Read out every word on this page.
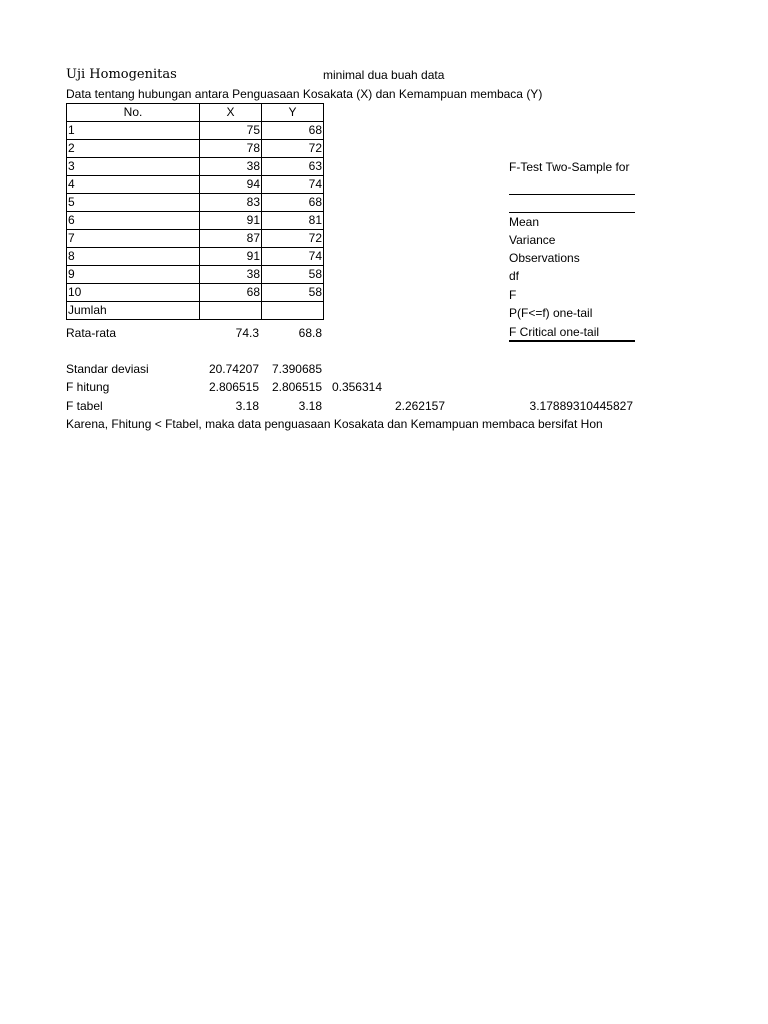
Uji Homogenitas	minimal dua buah data
Data tentang hubungan antara Penguasaan Kosakata (X) dan Kemampuan membaca (Y)
No.	X	Y
1	75	68
2	78	72
3	38	63
4	94	74
5	83	68
6	91	81
7	87	72
8	91	74
9	38	58
10	68	58
Jumlah		
Rata-rata	74.3	68.8
Standar deviasi	20.74207	7.390685
F hitung	2.806515	2.806515 0.356314
F tabel	3.18	3.18	2.262157	3.17889310445827
Karena, Fhitung < Ftabel, maka data penguasaan Kosakata dan Kemampuan membaca bersifat Hon
F-Test Two-Sample for
Mean
Variance
Observations
df
F
P(F<=f) one-tail
F Critical one-tail
